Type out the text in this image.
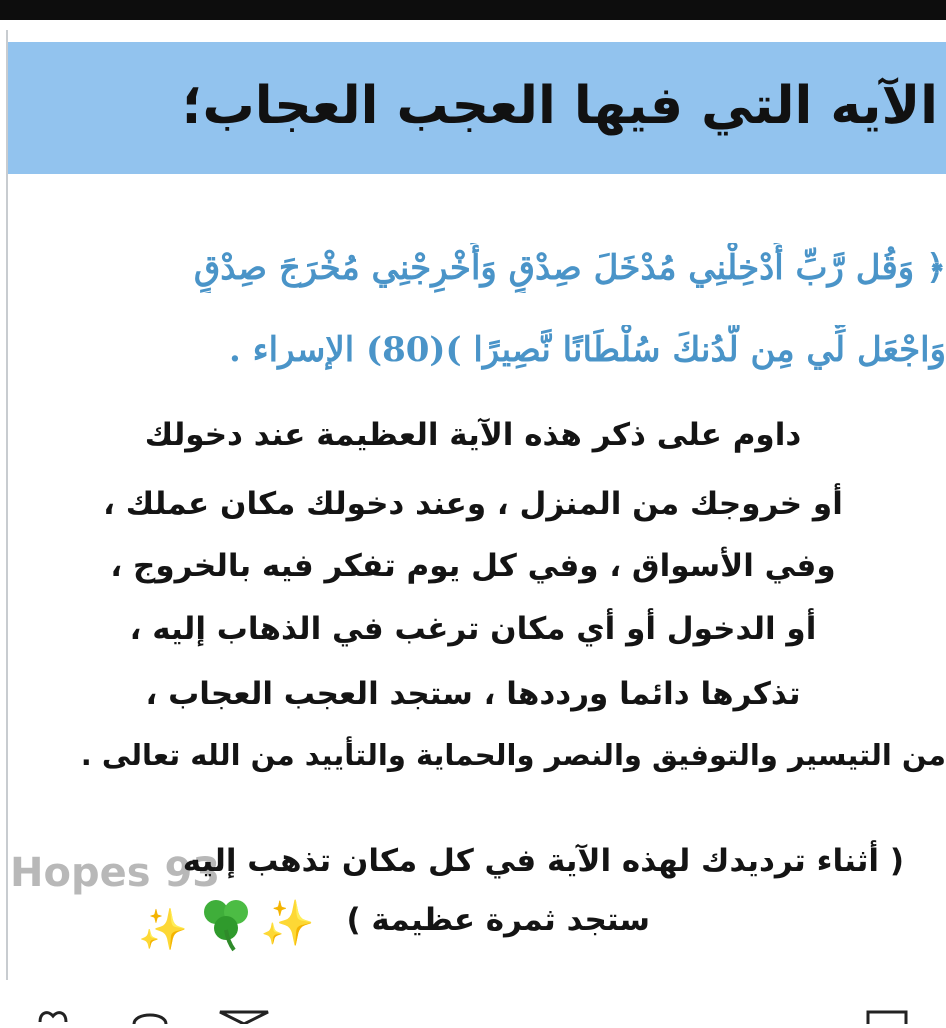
الآيه التي فيها العجب العجاب؛
﴿ وَقُل رَّبِّ أَدْخِلْنِي مُدْخَلَ صِدْقٍ وَأَخْرِجْنِي مُخْرَجَ صِدْقٍ
وَاجْعَل لِّي مِن لَّدُنكَ سُلْطَانًا نَّصِيرًا )(80) الإسراء .
داوم على ذكر هذه الآية العظيمة عند دخولك
أو خروجك من المنزل ، وعند دخولك مكان عملك ،
وفي الأسواق ، وفي كل يوم تفكر فيه بالخروج ،
أو الدخول أو أي مكان ترغب في الذهاب إليه ،
تذكرها دائما ورددها ، ستجد العجب العجاب ،
من التيسير والتوفيق والنصر والحماية والتأييد من الله تعالى .
Hopes 93
( أثناء ترديدك لهذه الآية في كل مكان تذهب إليه
ستجد ثمرة عظيمة )
✨ ✨
